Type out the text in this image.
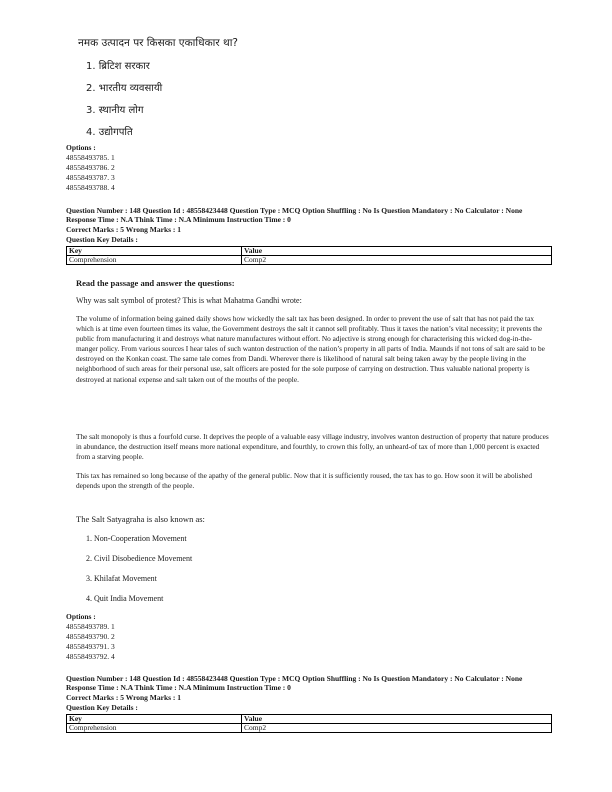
नमक उत्पादन पर किसका एकाधिकार था?
1. ब्रिटिश सरकार
2. भारतीय व्यवसायी
3. स्थानीय लोग
4. उद्योगपति
Options :
48558493785. 1
48558493786. 2
48558493787. 3
48558493788. 4
Question Number : 148 Question Id : 48558423448 Question Type : MCQ Option Shuffling : No Is Question Mandatory : No Calculator : None
Response Time : N.A Think Time : N.A Minimum Instruction Time : 0
Correct Marks : 5 Wrong Marks : 1
Question Key Details :
Key	Value
Comprehension	Comp2
Read the passage and answer the questions:
Why was salt symbol of protest? This is what Mahatma Gandhi wrote:
The volume of information being gained daily shows how wickedly the salt tax has been designed. In order to prevent the use of salt that has not paid the tax which is at time even fourteen times its value, the Government destroys the salt it cannot sell profitably. Thus it taxes the nation’s vital necessity; it prevents the public from manufacturing it and destroys what nature manufactures without effort. No adjective is strong enough for characterising this wicked dog-in-the-manger policy. From various sources I hear tales of such wanton destruction of the nation’s property in all parts of India. Maunds if not tons of salt are said to be destroyed on the Konkan coast. The same tale comes from Dandi. Wherever there is likelihood of natural salt being taken away by the people living in the neighborhood of such areas for their personal use, salt officers are posted for the sole purpose of carrying on destruction. Thus valuable national property is destroyed at national expense and salt taken out of the mouths of the people.
The salt monopoly is thus a fourfold curse. It deprives the people of a valuable easy village industry, involves wanton destruction of property that nature produces in abundance, the destruction itself means more national expenditure, and fourthly, to crown this folly, an unheard-of tax of more than 1,000 percent is exacted from a starving people.
This tax has remained so long because of the apathy of the general public. Now that it is sufficiently roused, the tax has to go. How soon it will be abolished depends upon the strength of the people.
The Salt Satyagraha is also known as:
1. Non-Cooperation Movement
2. Civil Disobedience Movement
3. Khilafat Movement
4. Quit India Movement
Options :
48558493789. 1
48558493790. 2
48558493791. 3
48558493792. 4
Question Number : 148 Question Id : 48558423448 Question Type : MCQ Option Shuffling : No Is Question Mandatory : No Calculator : None
Response Time : N.A Think Time : N.A Minimum Instruction Time : 0
Correct Marks : 5 Wrong Marks : 1
Question Key Details :
Key	Value
Comprehension	Comp2
